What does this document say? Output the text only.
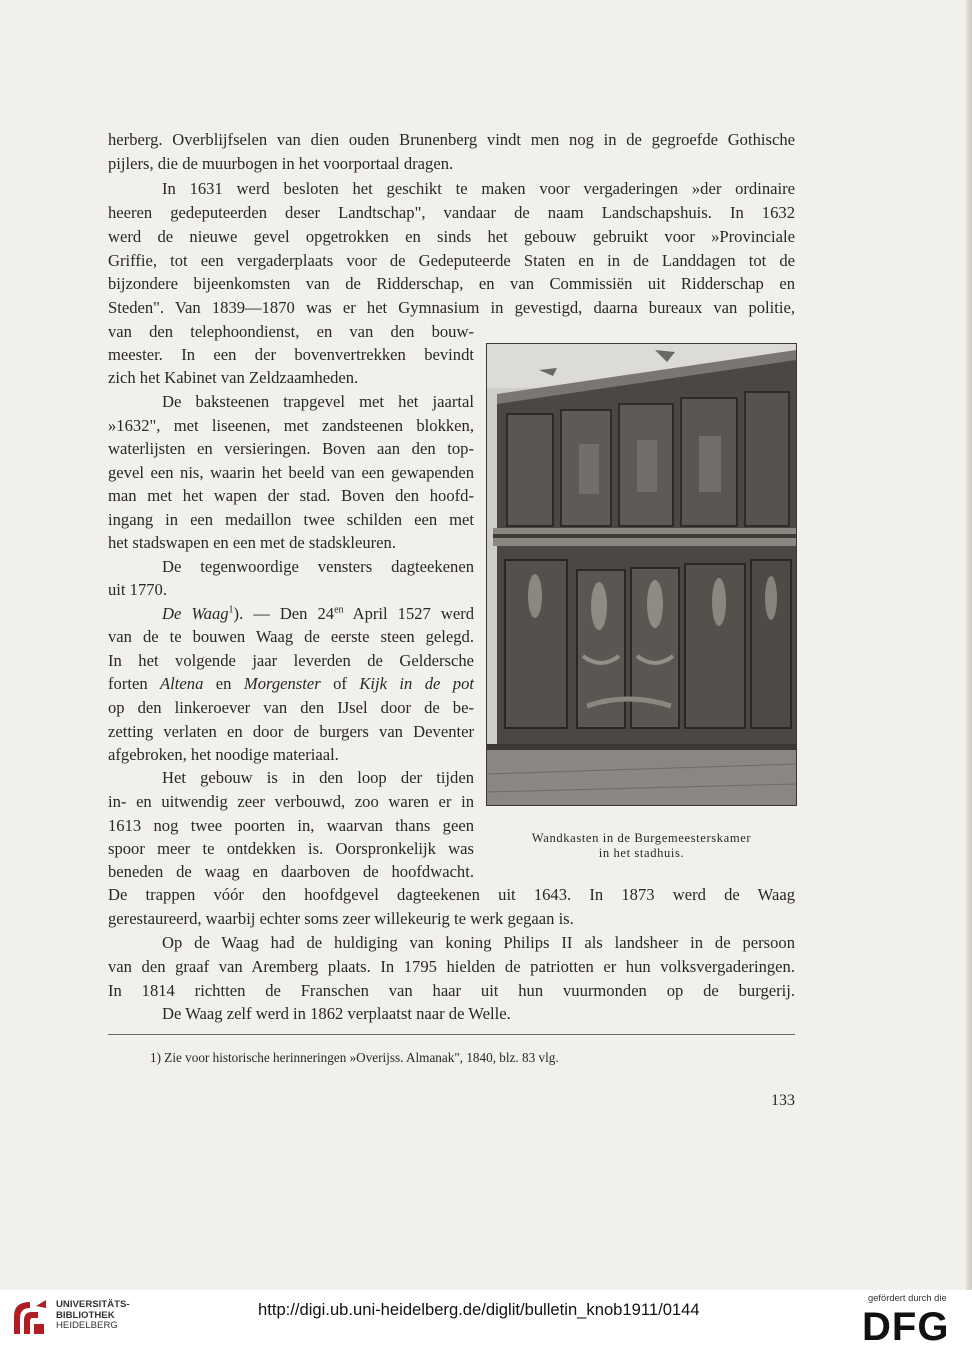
herberg. Overblijfselen van dien ouden Brunenberg vindt men nog in de gegroefde Gothische
pijlers, die de muurbogen in het voorportaal dragen.
In 1631 werd besloten het geschikt te maken voor vergaderingen »der ordinaire
heeren gedeputeerden deser Landtschap", vandaar de naam Landschapshuis. In 1632
werd de nieuwe gevel opgetrokken en sinds het gebouw gebruikt voor »Provinciale
Griffie, tot een vergaderplaats voor de Gedeputeerde Staten en in de Landdagen tot de
bijzondere bijeenkomsten van de Ridderschap, en van Commissiën uit Ridderschap en
Steden". Van 1839—1870 was er het Gymnasium in gevestigd, daarna bureaux van politie,
van den telephoondienst, en van den bouw-
meester. In een der bovenvertrekken bevindt
zich het Kabinet van Zeldzaamheden.
De baksteenen trapgevel met het jaartal
»1632", met liseenen, met zandsteenen blokken,
waterlijsten en versieringen. Boven aan den top-
gevel een nis, waarin het beeld van een gewapenden
man met het wapen der stad. Boven den hoofd-
ingang in een medaillon twee schilden een met
het stadswapen en een met de stadskleuren.
De tegenwoordige vensters dagteekenen
uit 1770.
De Waag$^1$). — Den $24^{en}$ April 1527 werd
van de te bouwen Waag de eerste steen gelegd.
In het volgende jaar leverden de Geldersche
forten Altena en Morgenster of Kijk in de pot
op den linkeroever van den IJsel door de be-
zetting verlaten en door de burgers van Deventer
afgebroken, het noodige materiaal.
Het gebouw is in den loop der tijden
in- en uitwendig zeer verbouwd, zoo waren er in
1613 nog twee poorten in, waarvan thans geen
spoor meer te ontdekken is. Oorspronkelijk was
beneden de waag en daarboven de hoofdwacht.
De trappen vóór den hoofdgevel dagteekenen uit 1643. In 1873 werd de Waag
gerestaureerd, waarbij echter soms zeer willekeurig te werk gegaan is.
Op de Waag had de huldiging van koning Philips II als landsheer in de persoon
van den graaf van Aremberg plaats. In 1795 hielden de patriotten er hun volksvergaderingen.
In 1814 richtten de Franschen van haar uit hun vuurmonden op de burgerij.
De Waag zelf werd in 1862 verplaatst naar de Welle.
Wandkasten in de Burgemeesterskamer
in het stadhuis.
1) Zie voor historische herinneringen »Overijss. Almanak", 1840, blz. 83 vlg.
133
UNIVERSITÄTS-
BIBLIOTHEK
HEIDELBERG
http://digi.ub.uni-heidelberg.de/diglit/bulletin_knob1911/0144
gefördert durch die
DFG
